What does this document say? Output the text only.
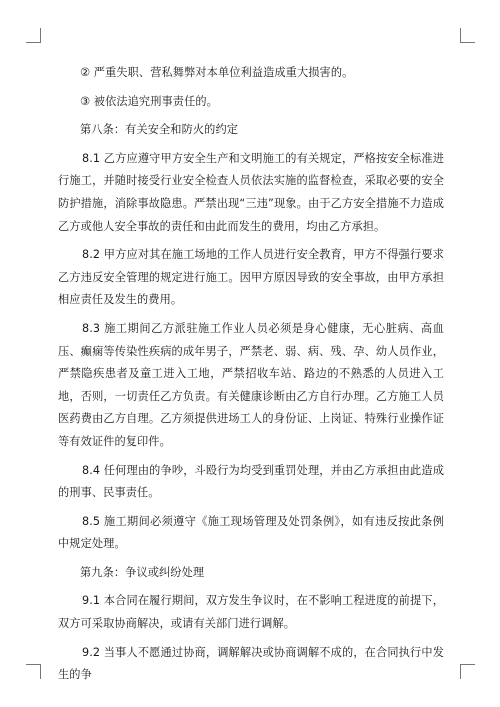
② 严重失职、营私舞弊对本单位利益造成重大损害的。

③ 被依法追究刑事责任的。

第八条：有关安全和防火的约定

8.1 乙方应遵守甲方安全生产和文明施工的有关规定，严格按安全标准进行施工，并随时接受行业安全检查人员依法实施的监督检查，采取必要的安全防护措施，消除事故隐患。严禁出现“三违”现象。由于乙方安全措施不力造成乙方或他人安全事故的责任和由此而发生的费用，均由乙方承担。

8.2 甲方应对其在施工场地的工作人员进行安全教育，甲方不得强行要求乙方违反安全管理的规定进行施工。因甲方原因导致的安全事故，由甲方承担相应责任及发生的费用。

8.3 施工期间乙方派驻施工作业人员必须是身心健康，无心脏病、高血压、癫痫等传染性疾病的成年男子，严禁老、弱、病、残、孕、幼人员作业，严禁隐疾患者及童工进入工地，严禁招收车站、路边的不熟悉的人员进入工地，否则，一切责任乙方负责。有关健康诊断由乙方自行办理。乙方施工人员医药费由乙方自理。乙方须提供进场工人的身份证、上岗证、特殊行业操作证等有效证件的复印件。

8.4 任何理由的争吵，斗殴行为均受到重罚处理，并由乙方承担由此造成的刑事、民事责任。

8.5 施工期间必须遵守《施工现场管理及处罚条例》，如有违反按此条例中规定处理。

第九条：争议或纠纷处理

9.1 本合同在履行期间，双方发生争议时，在不影响工程进度的前提下，双方可采取协商解决，或请有关部门进行调解。

9.2 当事人不愿通过协商，调解解决或协商调解不成的，在合同执行中发生的争
